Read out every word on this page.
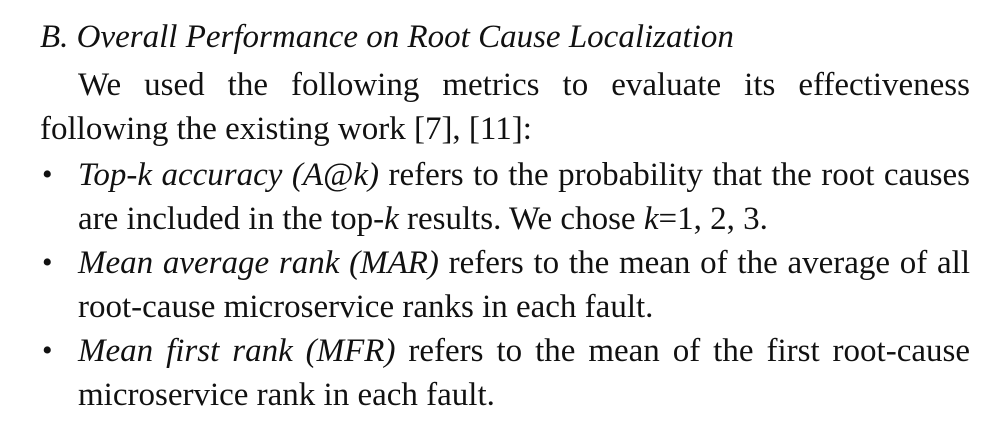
B. Overall Performance on Root Cause Localization

We used the following metrics to evaluate its effectiveness following the existing work [7], [11]:

• Top-k accuracy (A@k) refers to the probability that the root causes are included in the top-k results. We chose k=1, 2, 3.
• Mean average rank (MAR) refers to the mean of the average of all root-cause microservice ranks in each fault.
• Mean first rank (MFR) refers to the mean of the first root-cause microservice rank in each fault.
